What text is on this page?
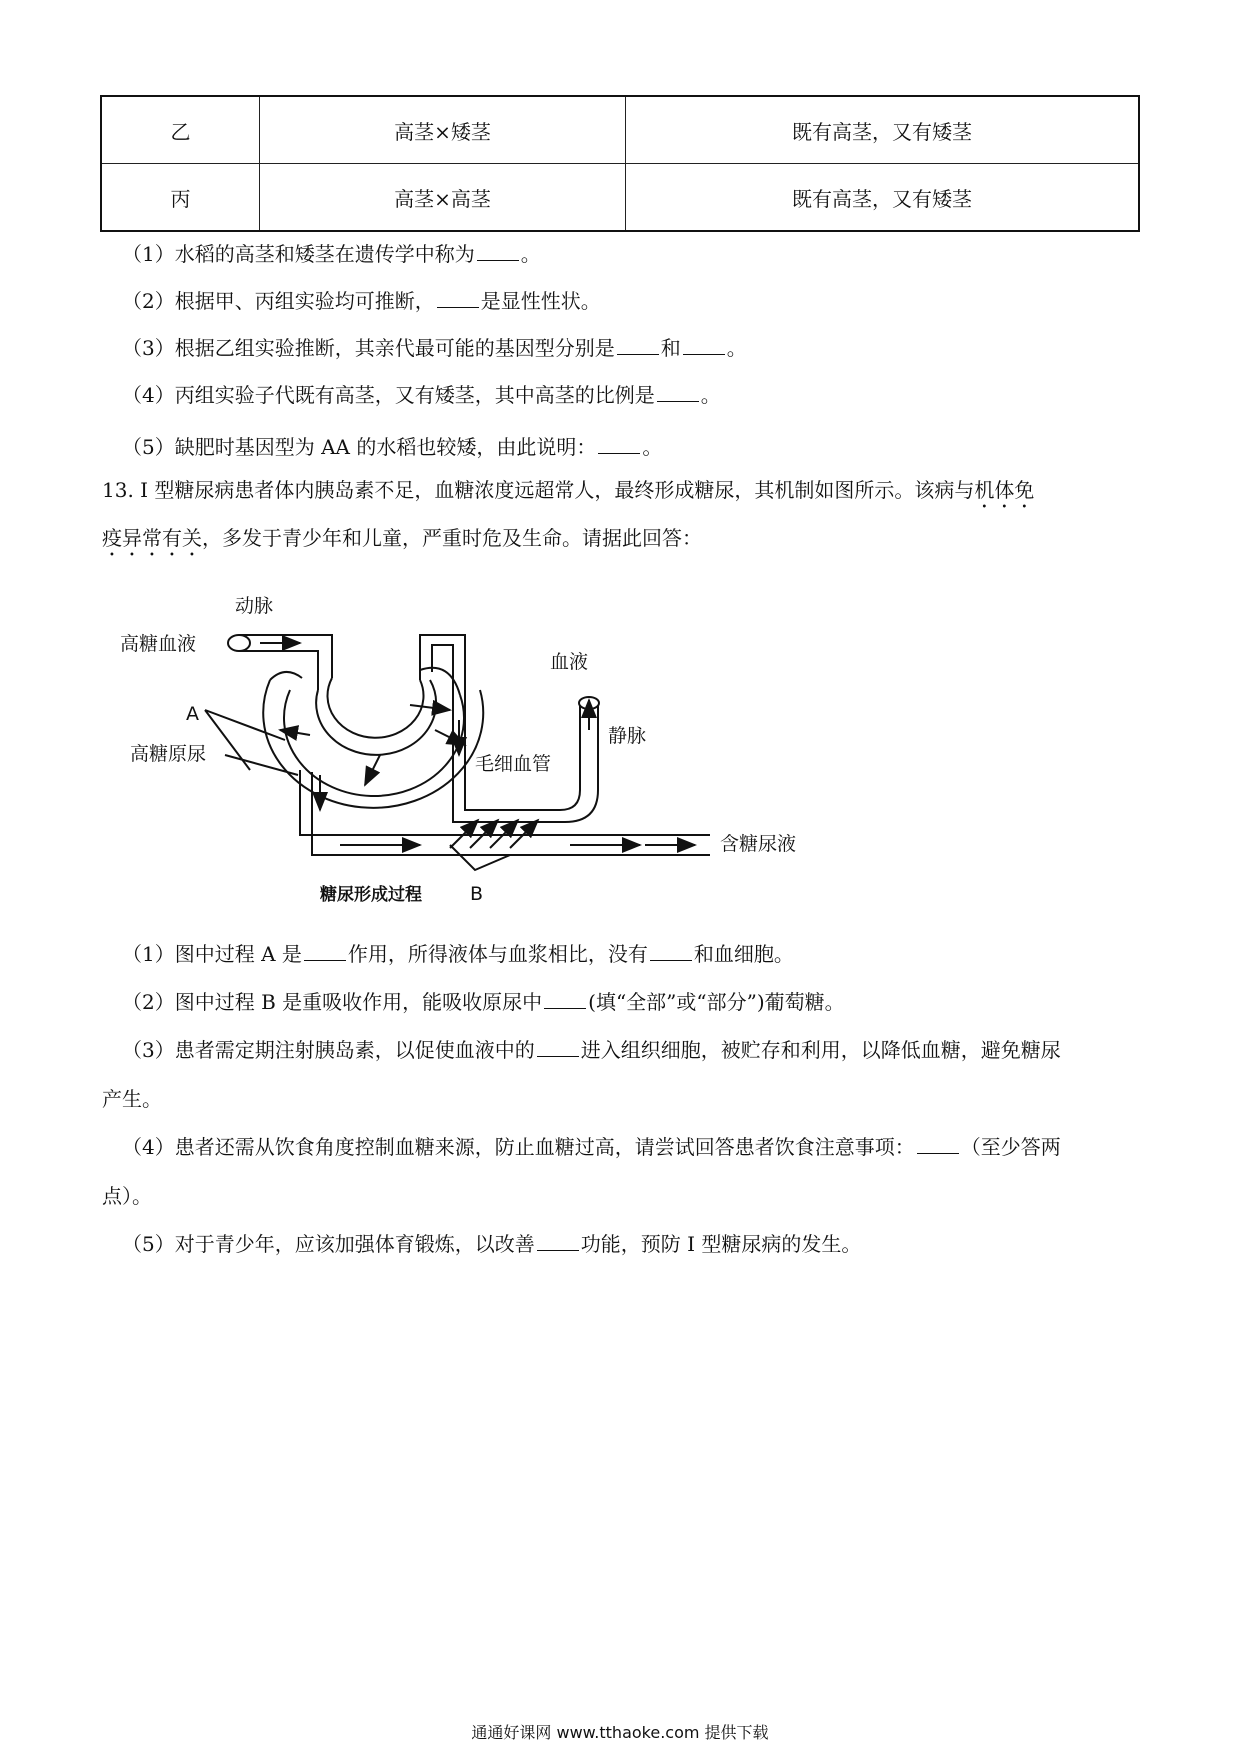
乙	高茎×矮茎	既有高茎，又有矮茎
丙	高茎×高茎	既有高茎，又有矮茎
（1）水稻的高茎和矮茎在遗传学中称为 。
（2）根据甲、丙组实验均可推断， 是显性性状。
（3）根据乙组实验推断，其亲代最可能的基因型分别是 和 。
（4）丙组实验子代既有高茎，又有矮茎，其中高茎的比例是 。
（5）缺肥时基因型为 AA 的水稻也较矮，由此说明： 。
13. I 型糖尿病患者体内胰岛素不足，血糖浓度远超常人，最终形成糖尿，其机制如图所示。该病与机体免
疫异常有关，多发于青少年和儿童，严重时危及生命。请据此回答：
高糖血液
动脉
血液
静脉
A
高糖原尿	毛细血管
含糖尿液
糖尿形成过程	B
（1）图中过程 A 是 作用，所得液体与血浆相比，没有 和血细胞。
（2）图中过程 B 是重吸收作用，能吸收原尿中 (填“全部”或“部分”)葡萄糖。
（3）患者需定期注射胰岛素，以促使血液中的 进入组织细胞，被贮存和利用，以降低血糖，避免糖尿
产生。
（4）患者还需从饮食角度控制血糖来源，防止血糖过高，请尝试回答患者饮食注意事项： （至少答两
点）。
（5）对于青少年，应该加强体育锻炼，以改善 功能，预防 I 型糖尿病的发生。
通通好课网 www.tthaoke.com 提供下载
